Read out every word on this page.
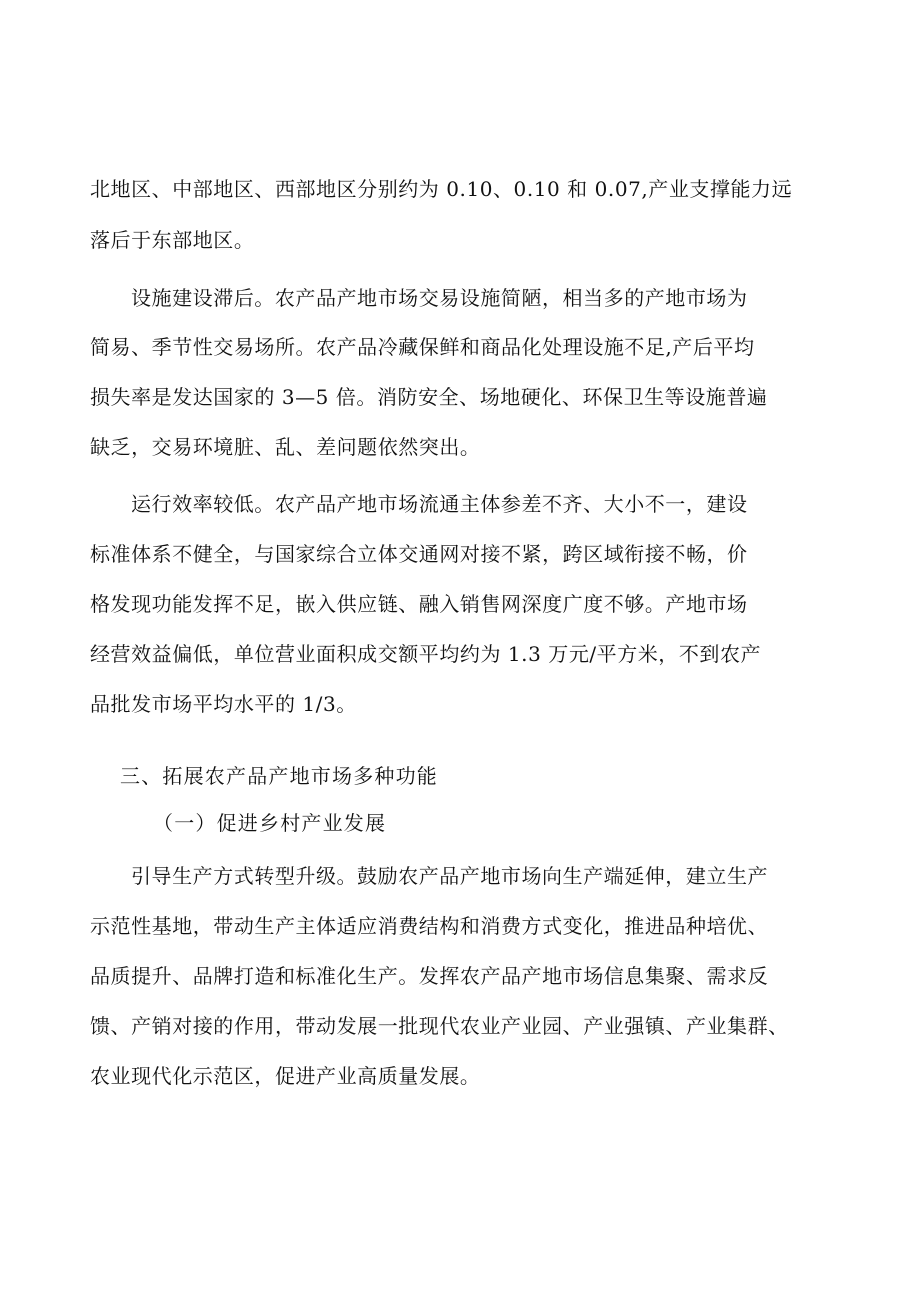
北地区、中部地区、西部地区分别约为 0.10、0.10 和 0.07,产业支撑能力远
落后于东部地区。
设施建设滞后。农产品产地市场交易设施简陋，相当多的产地市场为
简易、季节性交易场所。农产品冷藏保鲜和商品化处理设施不足,产后平均
损失率是发达国家的 3—5 倍。消防安全、场地硬化、环保卫生等设施普遍
缺乏，交易环境脏、乱、差问题依然突出。
运行效率较低。农产品产地市场流通主体参差不齐、大小不一，建设
标准体系不健全，与国家综合立体交通网对接不紧，跨区域衔接不畅，价
格发现功能发挥不足，嵌入供应链、融入销售网深度广度不够。产地市场
经营效益偏低，单位营业面积成交额平均约为 1.3 万元/平方米，不到农产
品批发市场平均水平的 1/3。
三、拓展农产品产地市场多种功能
（一）促进乡村产业发展
引导生产方式转型升级。鼓励农产品产地市场向生产端延伸，建立生产
示范性基地，带动生产主体适应消费结构和消费方式变化，推进品种培优、
品质提升、品牌打造和标准化生产。发挥农产品产地市场信息集聚、需求反
馈、产销对接的作用，带动发展一批现代农业产业园、产业强镇、产业集群、
农业现代化示范区，促进产业高质量发展。
